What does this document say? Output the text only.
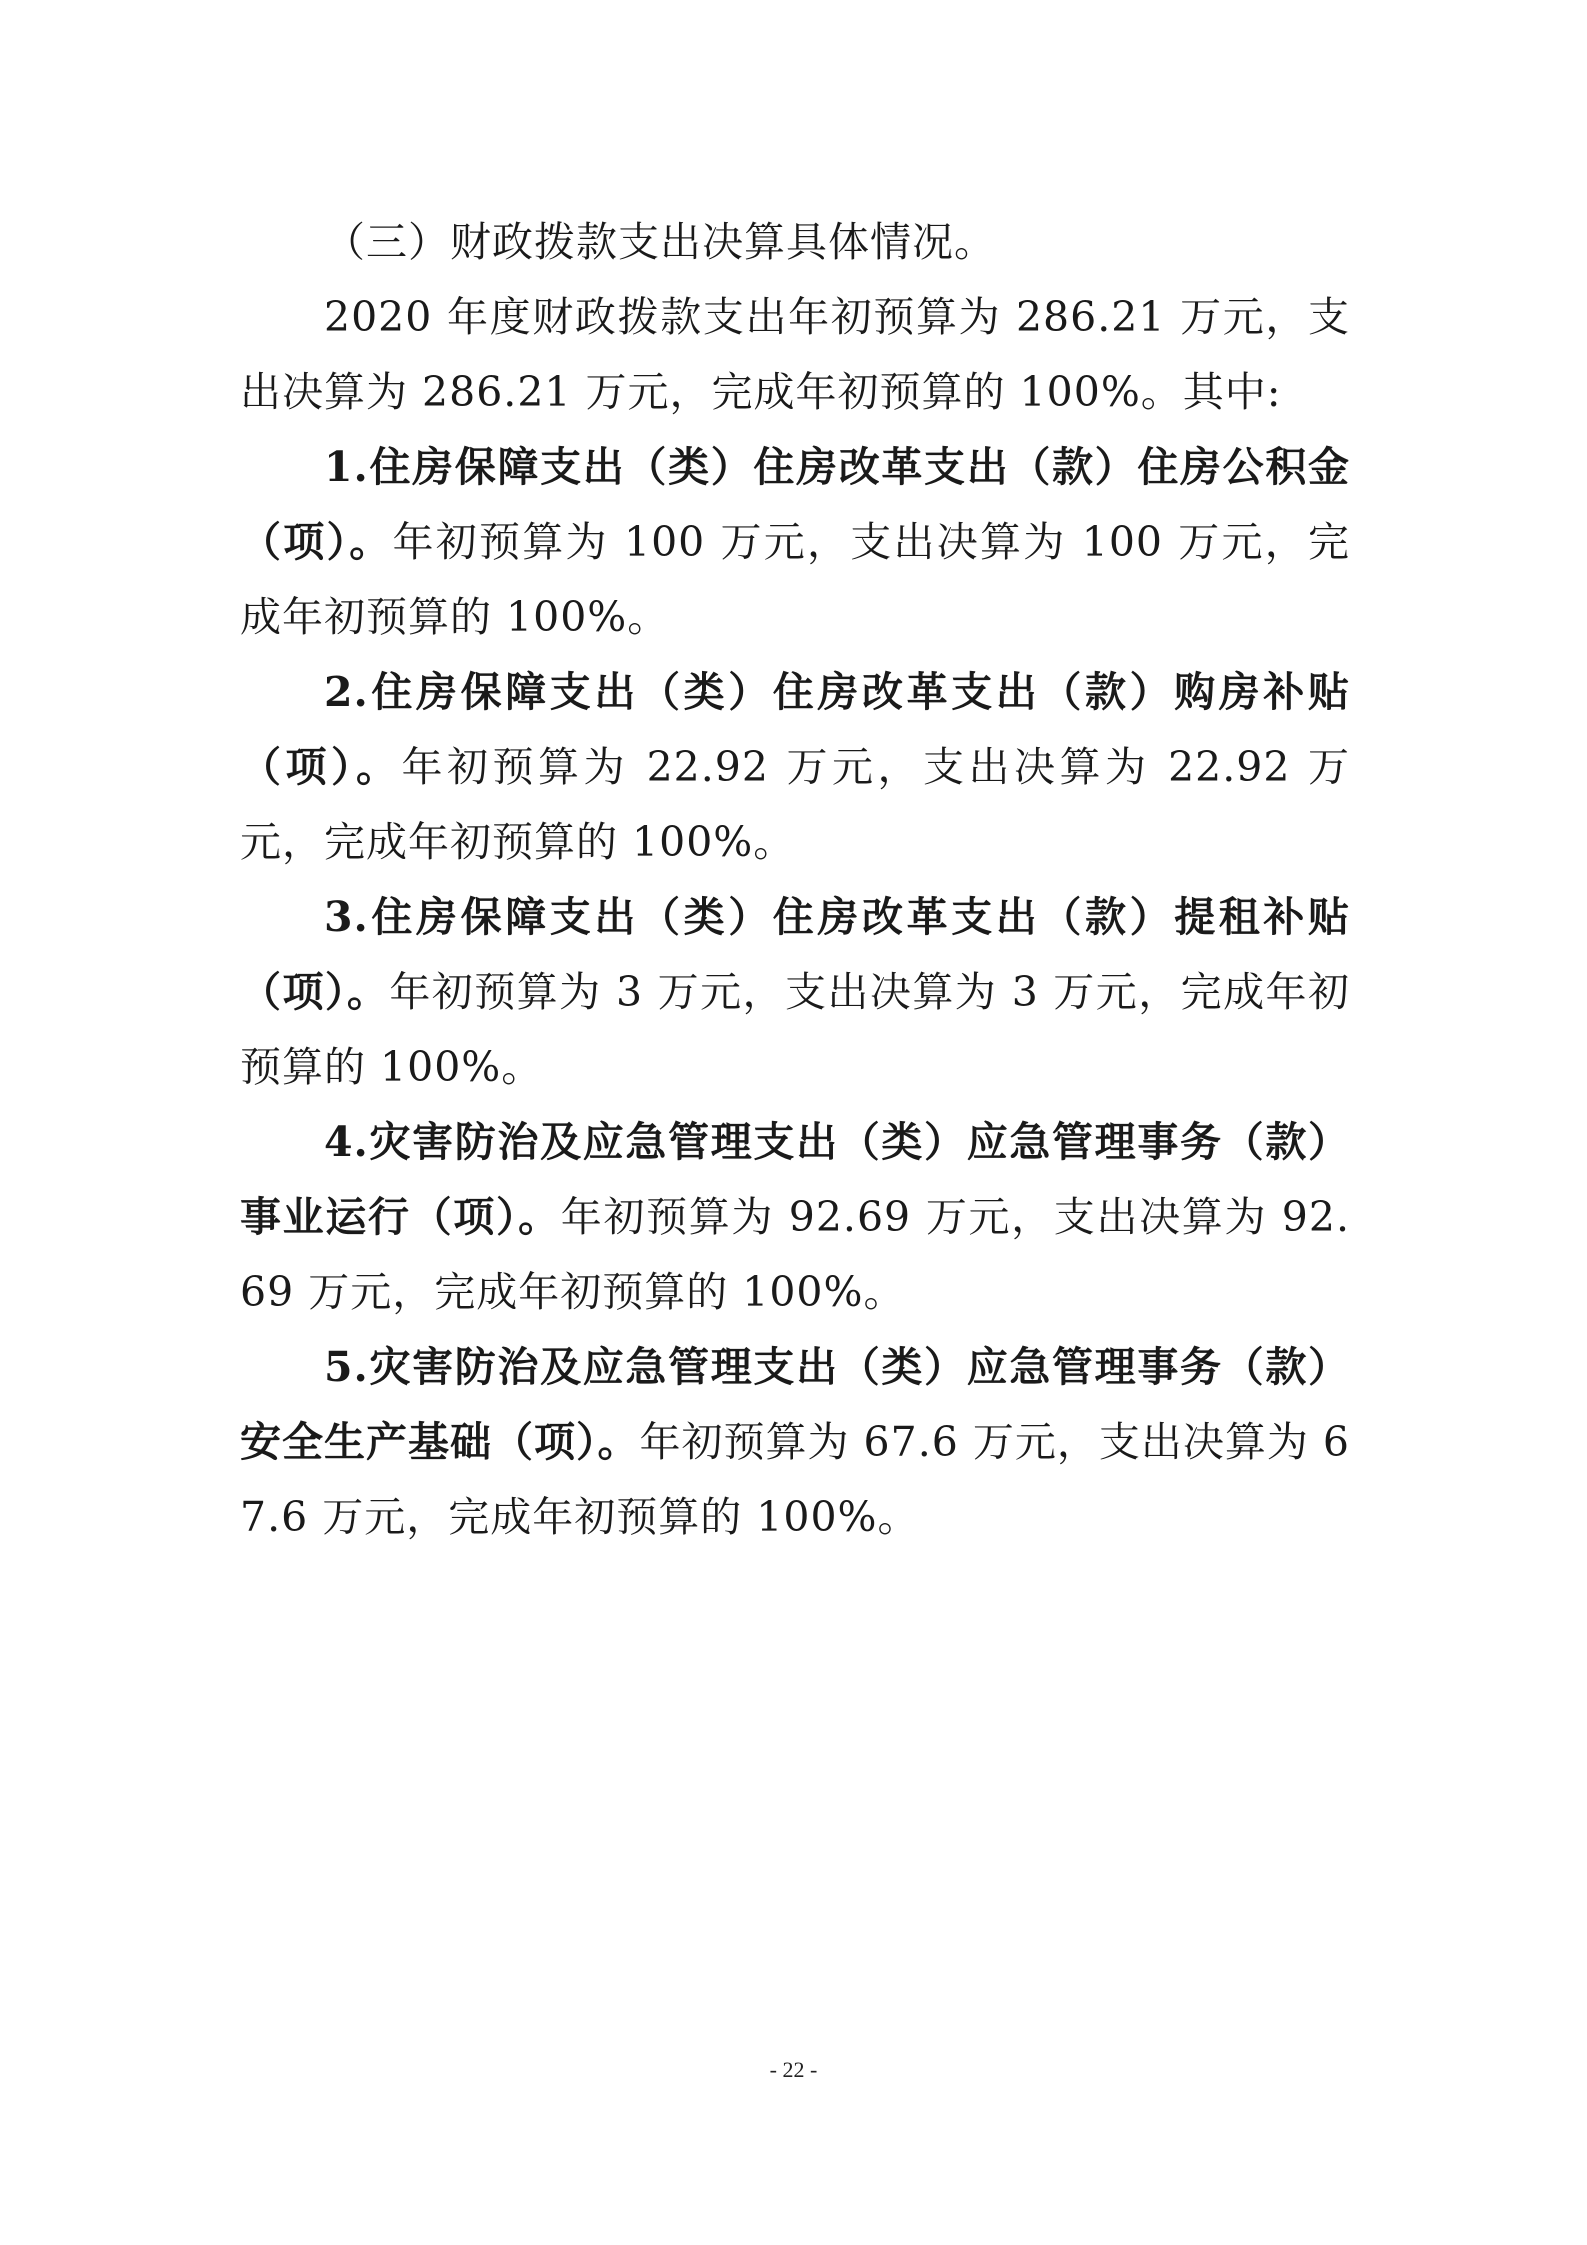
（三）财政拨款支出决算具体情况。

2020 年度财政拨款支出年初预算为 286.21 万元，支出决算为 286.21 万元，完成年初预算的 100%。其中:

1.住房保障支出（类）住房改革支出（款）住房公积金（项）。年初预算为 100 万元，支出决算为 100 万元，完成年初预算的 100%。

2.住房保障支出（类）住房改革支出（款）购房补贴（项）。年初预算为 22.92 万元，支出决算为 22.92 万元，完成年初预算的 100%。

3.住房保障支出（类）住房改革支出（款）提租补贴（项）。年初预算为 3 万元，支出决算为 3 万元，完成年初预算的 100%。

4.灾害防治及应急管理支出（类）应急管理事务（款）事业运行（项）。年初预算为 92.69 万元，支出决算为 92.69 万元，完成年初预算的 100%。

5.灾害防治及应急管理支出（类）应急管理事务（款）安全生产基础（项）。年初预算为 67.6 万元，支出决算为 67.6 万元，完成年初预算的 100%。

- 22 -
